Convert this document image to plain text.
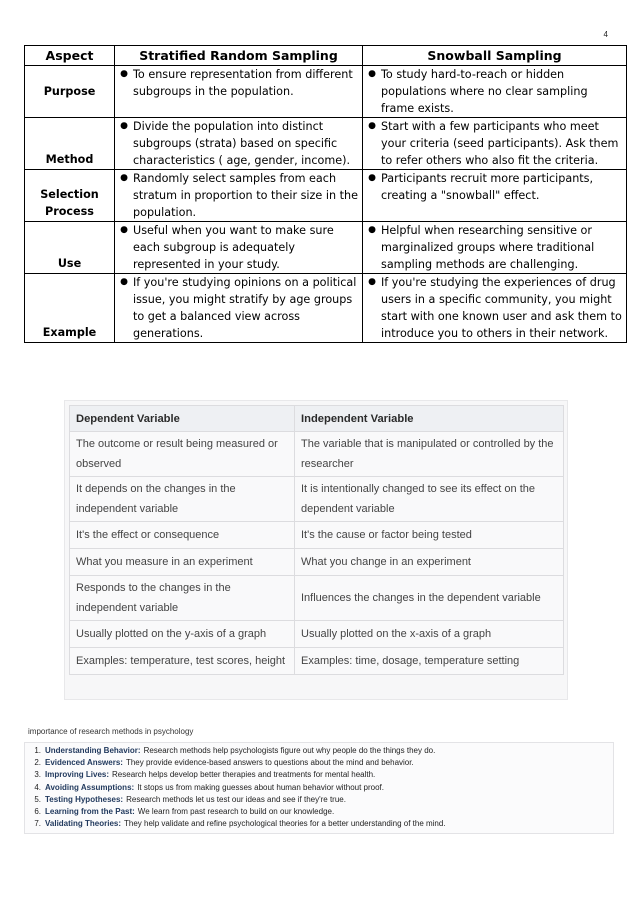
4
Aspect	Stratified Random Sampling	Snowball Sampling
Purpose	● To ensure representation from different subgroups in the population.	● To study hard-to-reach or hidden populations where no clear sampling frame exists.

Method	● Divide the population into distinct subgroups (strata) based on specific characteristics ( age, gender, income).	● Start with a few participants who meet your criteria (seed participants). Ask them to refer others who also fit the criteria.

Selection Process	● Randomly select samples from each stratum in proportion to their size in the population.	● Participants recruit more participants, creating a "snowball" effect.

Use	● Useful when you want to make sure each subgroup is adequately represented in your study.	● Helpful when researching sensitive or marginalized groups where traditional sampling methods are challenging.

Example	● If you're studying opinions on a political issue, you might stratify by age groups to get a balanced view across generations.	● If you're studying the experiences of drug users in a specific community, you might start with one known user and ask them to introduce you to others in their network.
Dependent Variable	Independent Variable
The outcome or result being measured or observed	The variable that is manipulated or controlled by the researcher
It depends on the changes in the independent variable	It is intentionally changed to see its effect on the dependent variable
It's the effect or consequence	It's the cause or factor being tested
What you measure in an experiment	What you change in an experiment
Responds to the changes in the independent variable	Influences the changes in the dependent variable
Usually plotted on the y-axis of a graph	Usually plotted on the x-axis of a graph
Examples: temperature, test scores, height	Examples: time, dosage, temperature setting
importance of research methods in psychology
1. Understanding Behavior: Research methods help psychologists figure out why people do the things they do.
2. Evidenced Answers: They provide evidence-based answers to questions about the mind and behavior.
3. Improving Lives: Research helps develop better therapies and treatments for mental health.
4. Avoiding Assumptions: It stops us from making guesses about human behavior without proof.
5. Testing Hypotheses: Research methods let us test our ideas and see if they're true.
6. Learning from the Past: We learn from past research to build on our knowledge.
7. Validating Theories: They help validate and refine psychological theories for a better understanding of the mind.
